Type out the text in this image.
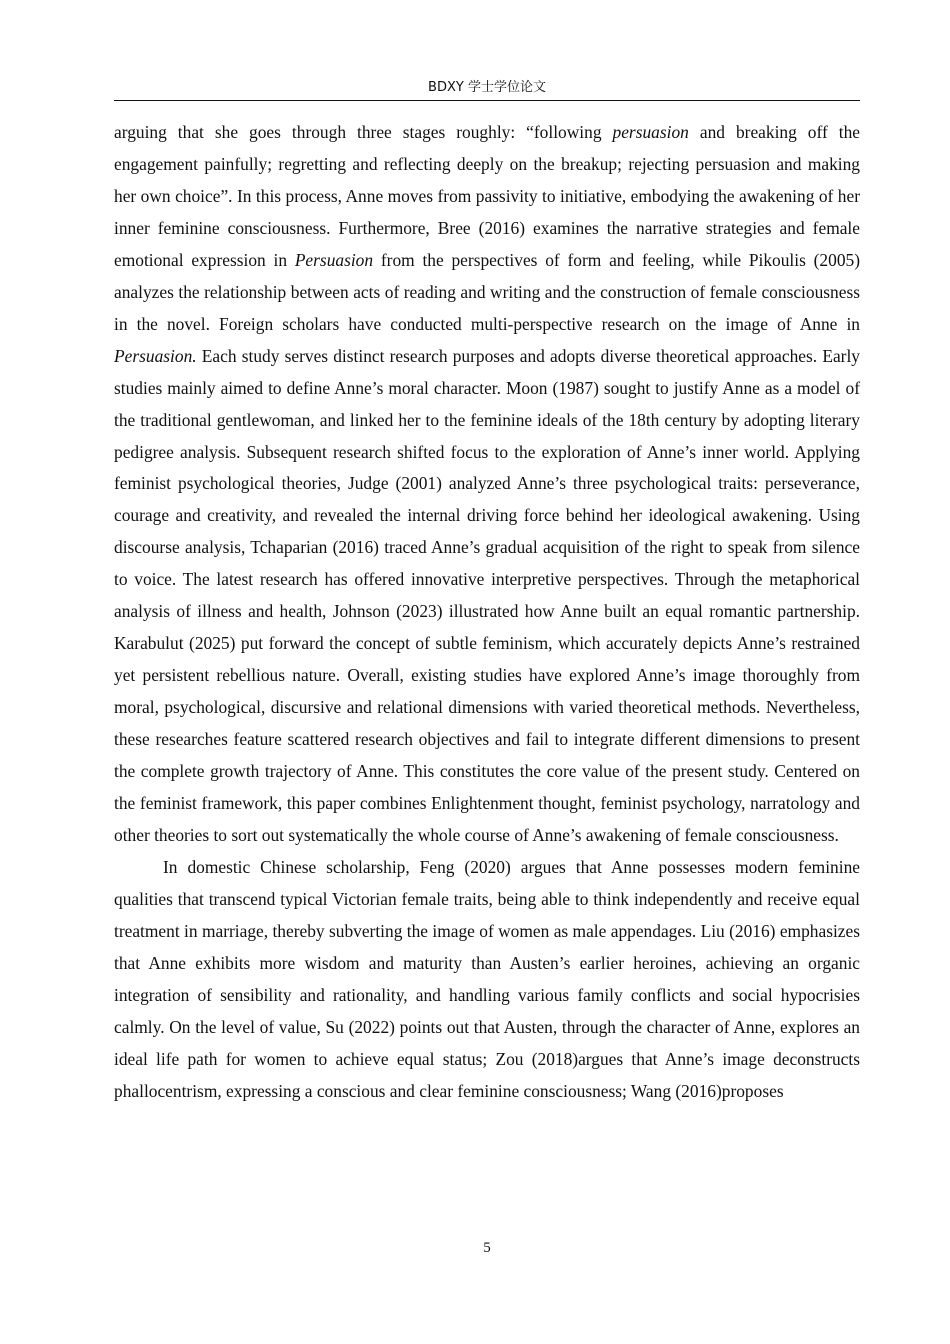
BDXY 学士学位论文

arguing that she goes through three stages roughly: “following persuasion and breaking off the engagement painfully; regretting and reflecting deeply on the breakup; rejecting persuasion and making her own choice”. In this process, Anne moves from passivity to initiative, embodying the awakening of her inner feminine consciousness. Furthermore, Bree (2016) examines the narrative strategies and female emotional expression in Persuasion from the perspectives of form and feeling, while Pikoulis (2005) analyzes the relationship between acts of reading and writing and the construction of female consciousness in the novel. Foreign scholars have conducted multi-perspective research on the image of Anne in Persuasion. Each study serves distinct research purposes and adopts diverse theoretical approaches. Early studies mainly aimed to define Anne’s moral character. Moon (1987) sought to justify Anne as a model of the traditional gentlewoman, and linked her to the feminine ideals of the 18th century by adopting literary pedigree analysis. Subsequent research shifted focus to the exploration of Anne’s inner world. Applying feminist psychological theories, Judge (2001) analyzed Anne’s three psychological traits: perseverance, courage and creativity, and revealed the internal driving force behind her ideological awakening. Using discourse analysis, Tchaparian (2016) traced Anne’s gradual acquisition of the right to speak from silence to voice. The latest research has offered innovative interpretive perspectives. Through the metaphorical analysis of illness and health, Johnson (2023) illustrated how Anne built an equal romantic partnership. Karabulut (2025) put forward the concept of subtle feminism, which accurately depicts Anne’s restrained yet persistent rebellious nature. Overall, existing studies have explored Anne’s image thoroughly from moral, psychological, discursive and relational dimensions with varied theoretical methods. Nevertheless, these researches feature scattered research objectives and fail to integrate different dimensions to present the complete growth trajectory of Anne. This constitutes the core value of the present study. Centered on the feminist framework, this paper combines Enlightenment thought, feminist psychology, narratology and other theories to sort out systematically the whole course of Anne’s awakening of female consciousness.

In domestic Chinese scholarship, Feng (2020) argues that Anne possesses modern feminine qualities that transcend typical Victorian female traits, being able to think independently and receive equal treatment in marriage, thereby subverting the image of women as male appendages. Liu (2016) emphasizes that Anne exhibits more wisdom and maturity than Austen’s earlier heroines, achieving an organic integration of sensibility and rationality, and handling various family conflicts and social hypocrisies calmly. On the level of value, Su (2022) points out that Austen, through the character of Anne, explores an ideal life path for women to achieve equal status; Zou (2018)argues that Anne’s image deconstructs phallocentrism, expressing a conscious and clear feminine consciousness; Wang (2016)proposes

5
